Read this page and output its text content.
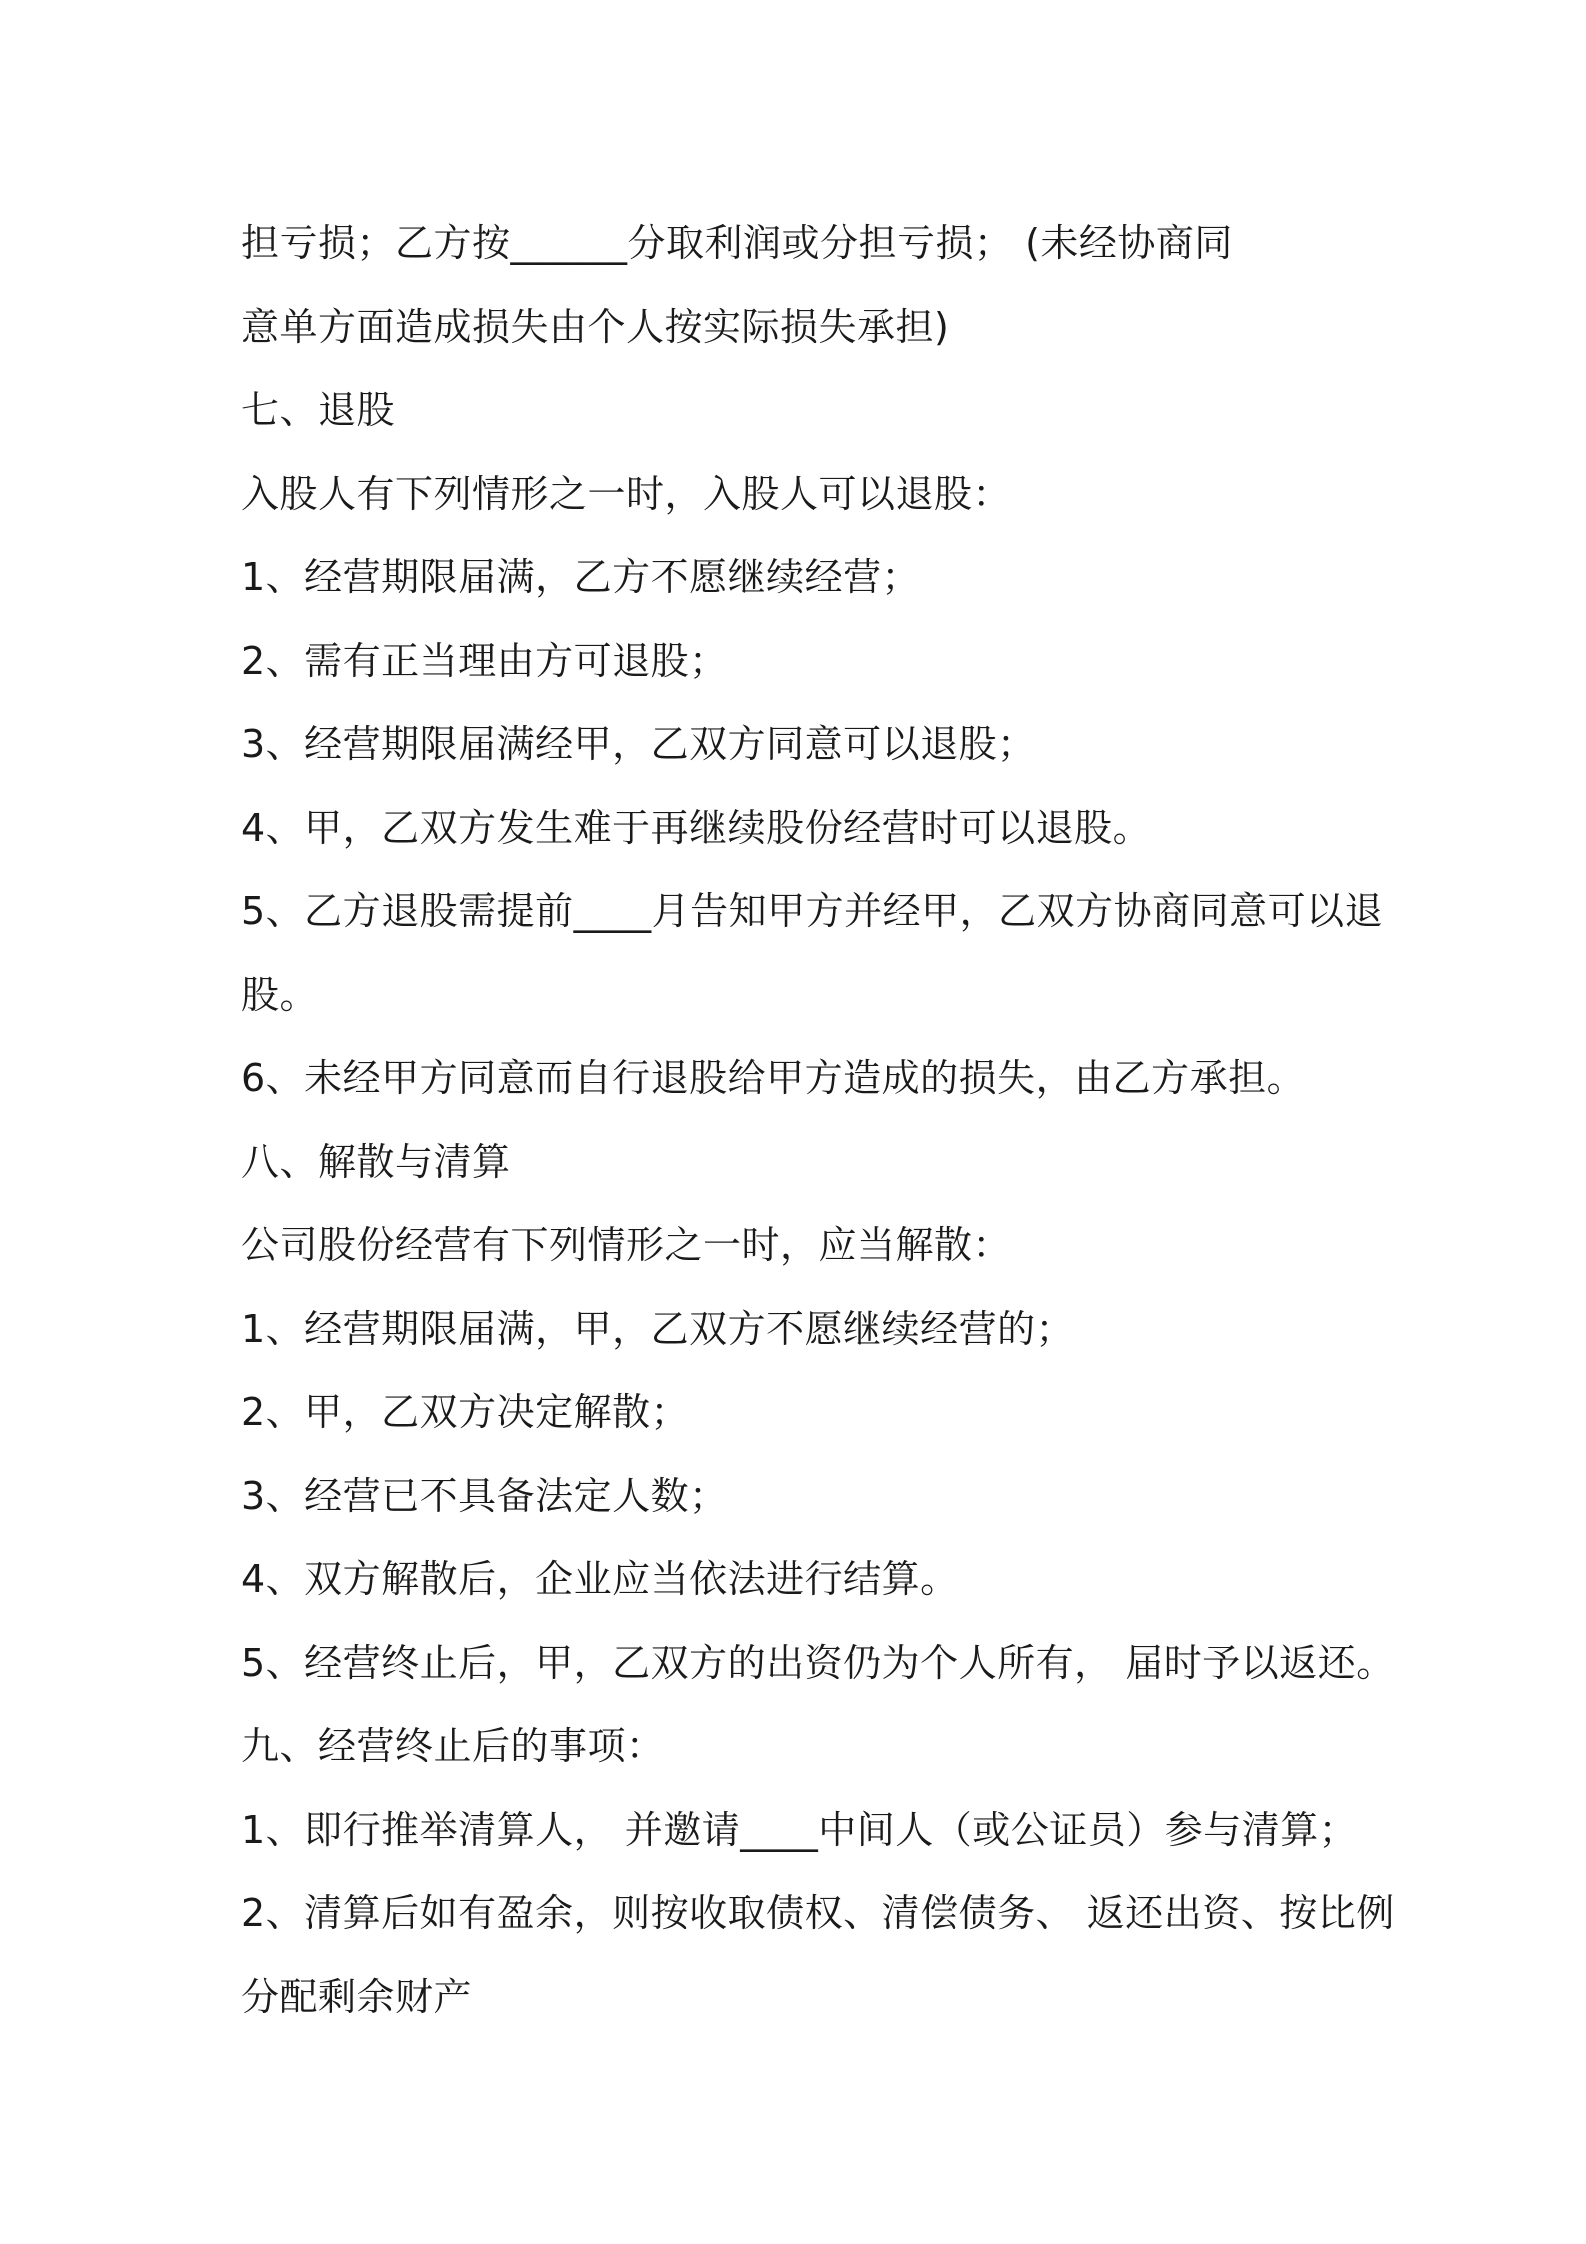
担亏损；乙方按______分取利润或分担亏损； (未经协商同
意单方面造成损失由个人按实际损失承担)
七、退股
入股人有下列情形之一时，入股人可以退股：
1、经营期限届满，乙方不愿继续经营；
2、需有正当理由方可退股；
3、经营期限届满经甲，乙双方同意可以退股；
4、甲，乙双方发生难于再继续股份经营时可以退股。
5、乙方退股需提前____月告知甲方并经甲，乙双方协商同意可以退
股。
6、未经甲方同意而自行退股给甲方造成的损失，由乙方承担。
八、解散与清算
公司股份经营有下列情形之一时，应当解散：
1、经营期限届满，甲，乙双方不愿继续经营的；
2、甲，乙双方决定解散；
3、经营已不具备法定人数；
4、双方解散后，企业应当依法进行结算。
5、经营终止后，甲，乙双方的出资仍为个人所有， 届时予以返还。
九、经营终止后的事项：
1、即行推举清算人， 并邀请____中间人（或公证员）参与清算；
2、清算后如有盈余，则按收取债权、清偿债务、 返还出资、按比例
分配剩余财产
